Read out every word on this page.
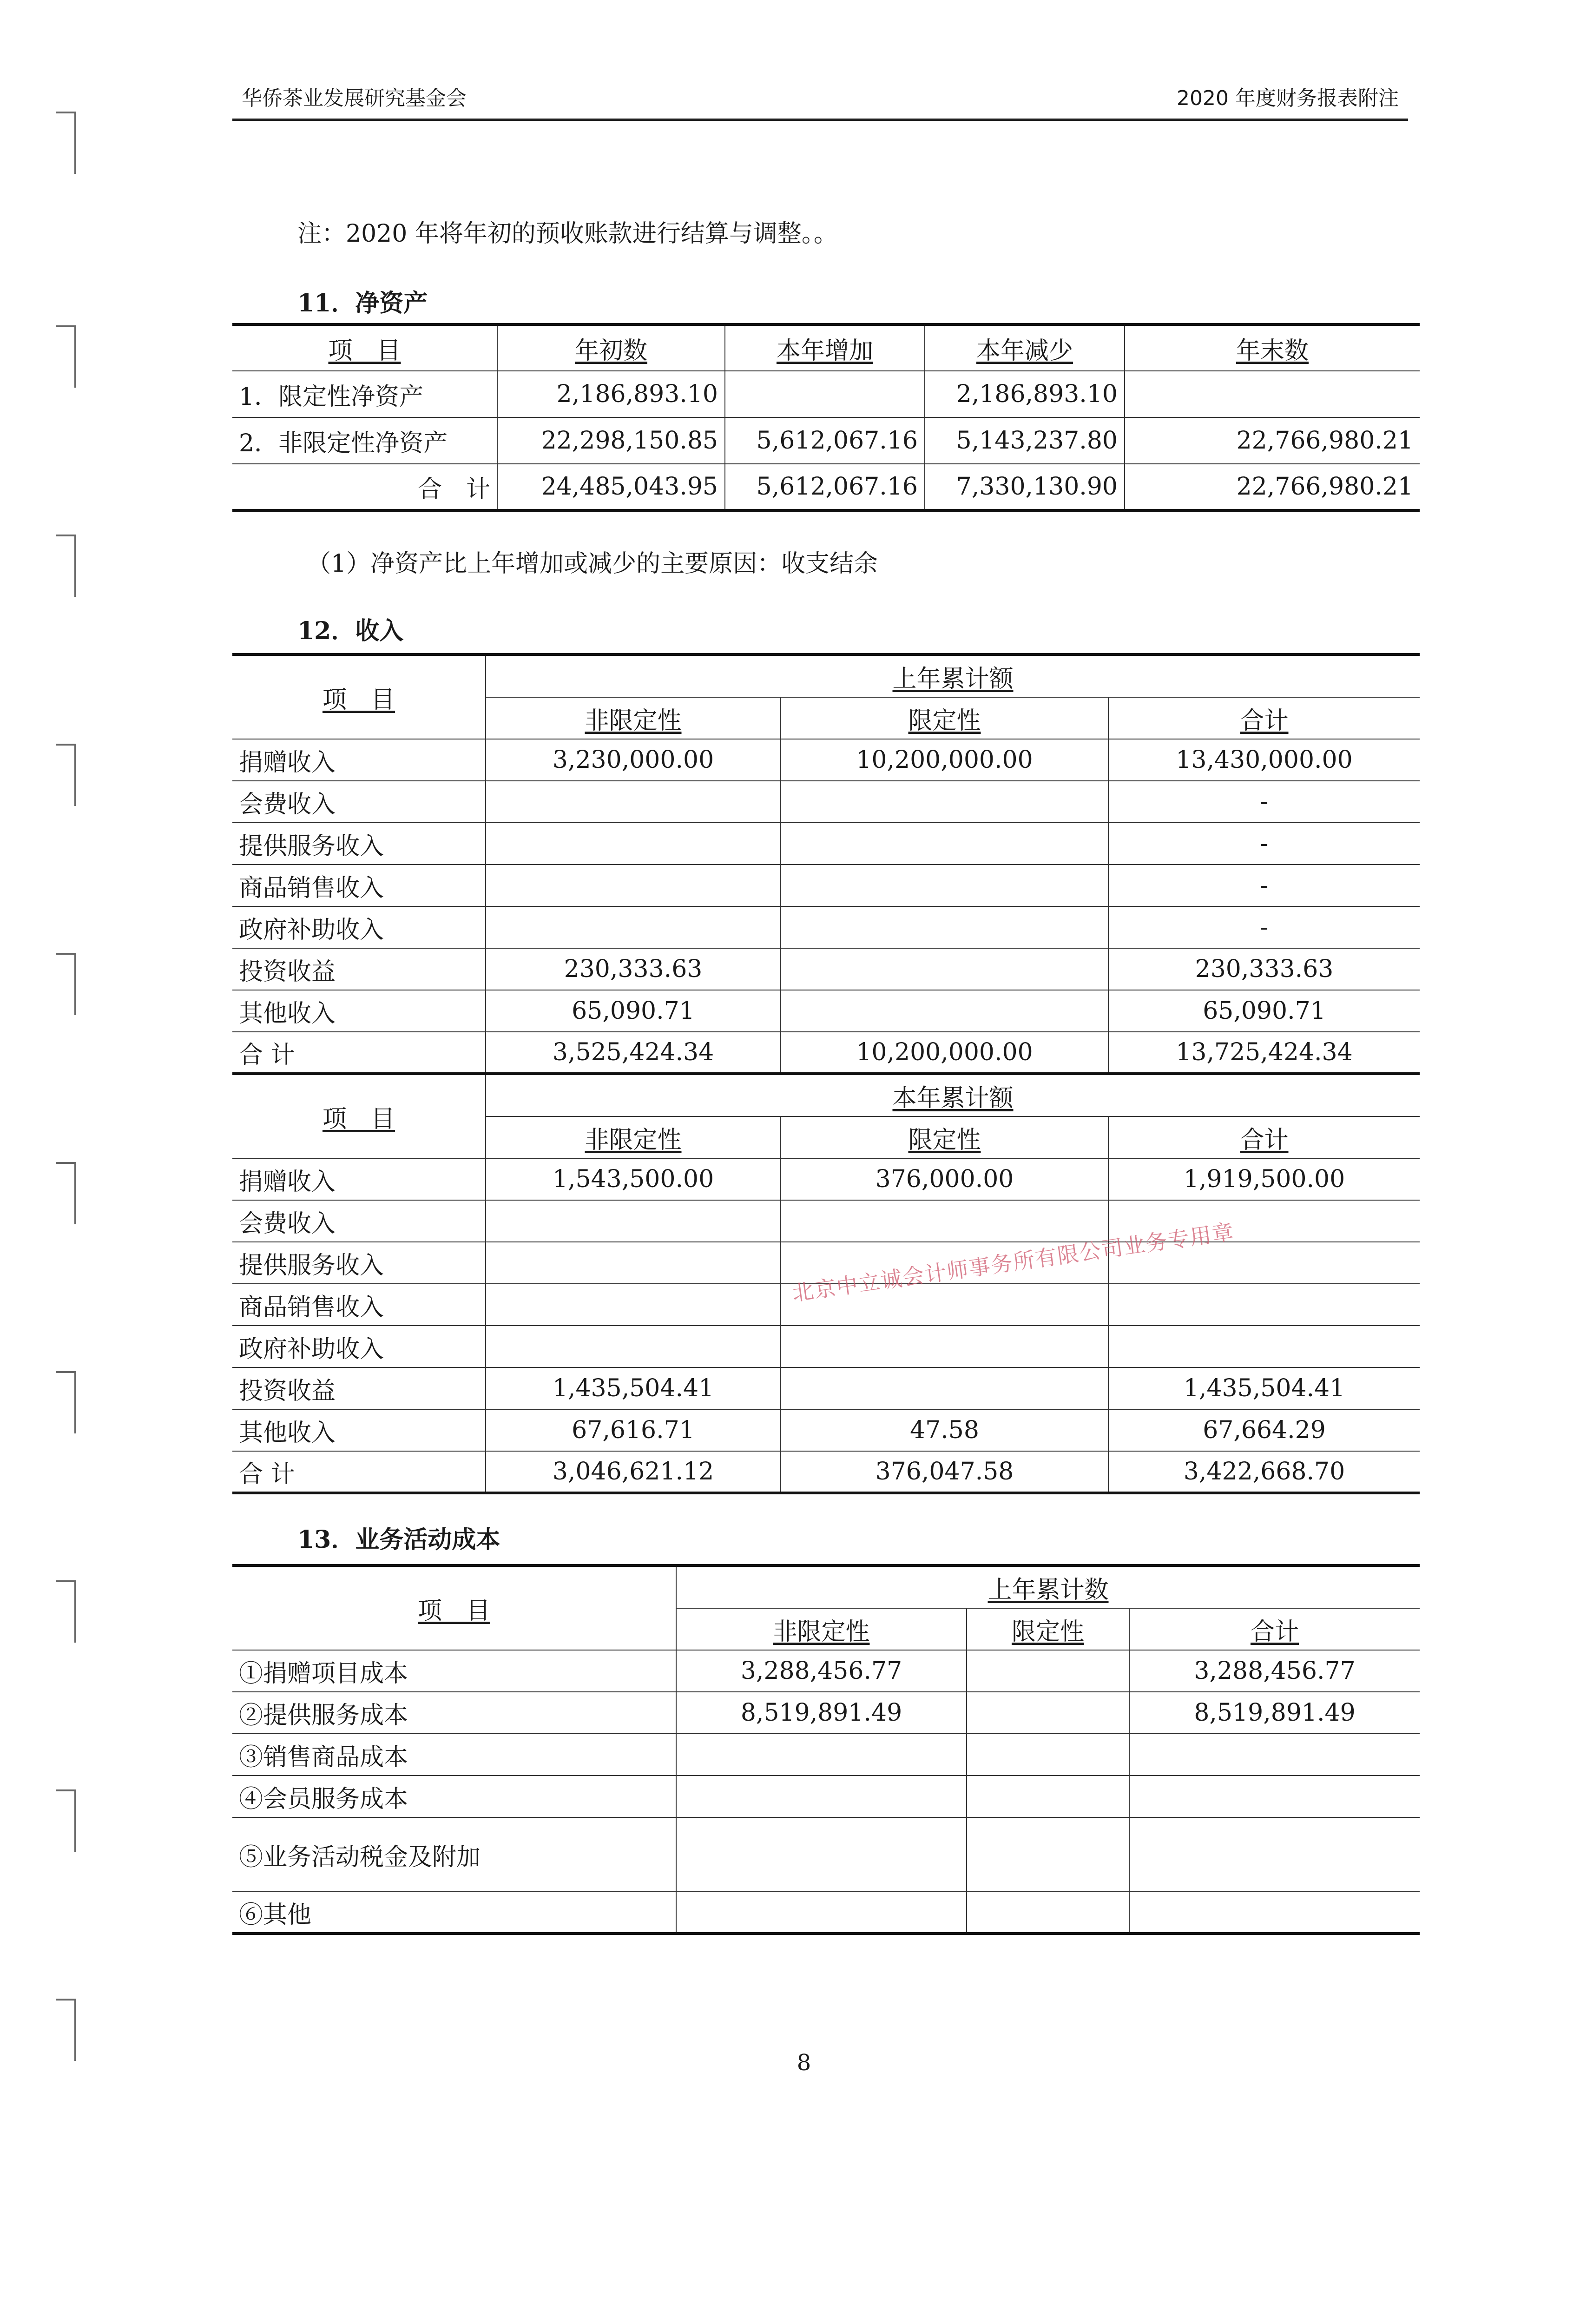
华侨茶业发展研究基金会	2020 年度财务报表附注
注：2020 年将年初的预收账款进行结算与调整。。
11．净资产
项　目	年初数	本年增加	本年减少	年末数
1．限定性净资产	2,186,893.10		2,186,893.10	
2．非限定性净资产	22,298,150.85	5,612,067.16	5,143,237.80	22,766,980.21
合　计	24,485,043.95	5,612,067.16	7,330,130.90	22,766,980.21
（1）净资产比上年增加或减少的主要原因：收支结余
12．收入
项　目	上年累计额		
	非限定性	限定性	合计
捐赠收入	3,230,000.00	10,200,000.00	13,430,000.00
会费收入			-
提供服务收入			-
商品销售收入			-
政府补助收入			-
投资收益	230,333.63		230,333.63
其他收入	65,090.71		65,090.71
合 计	3,525,424.34	10,200,000.00	13,725,424.34
项　目	本年累计额		
	非限定性	限定性	合计
捐赠收入	1,543,500.00	376,000.00	1,919,500.00
会费收入			
提供服务收入			
商品销售收入			
政府补助收入			
投资收益	1,435,504.41		1,435,504.41
其他收入	67,616.71	47.58	67,664.29
合 计	3,046,621.12	376,047.58	3,422,668.70
北京中立诚会计师事务所有限公司业务专用章
13．业务活动成本
项　目	上年累计数		
	非限定性	限定性	合计
①捐赠项目成本	3,288,456.77		3,288,456.77
②提供服务成本	8,519,891.49		8,519,891.49
③销售商品成本			
④会员服务成本			
⑤业务活动税金及附加			
⑥其他			
8
